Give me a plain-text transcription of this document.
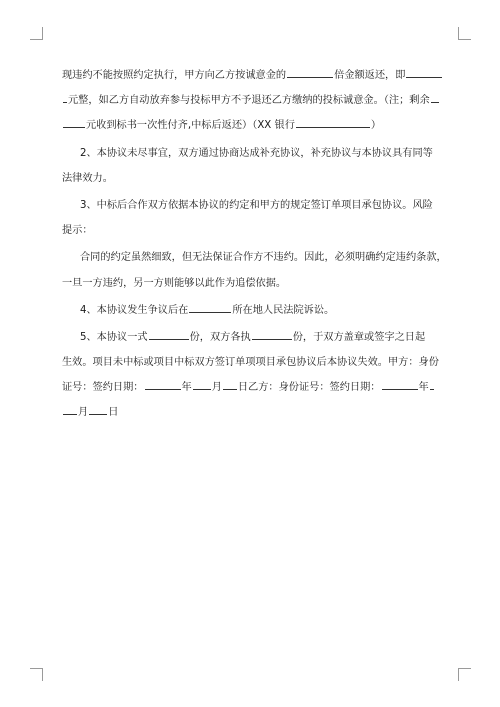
现违约不能按照约定执行，甲方向乙方按诚意金的	倍金额返还，即
元整，如乙方自动放弃参与投标甲方不予退还乙方缴纳的投标诚意金。（注；剩余
元收到标书一次性付齐,中标后返还）（XX 银行	）
2、本协议未尽事宜，双方通过协商达成补充协议，补充协议与本协议具有同等
法律效力。
3、中标后合作双方依据本协议的约定和甲方的规定签订单项目承包协议。风险
提示：
合同的约定虽然细致，但无法保证合作方不违约。因此，必须明确约定违约条款，
一旦一方违约，另一方则能够以此作为追偿依据。
4、本协议发生争议后在	所在地人民法院诉讼。
5、本协议一式	份，双方各执	份，于双方盖章或签字之日起
生效。项目未中标或项目中标双方签订单项项目承包协议后本协议失效。甲方：身份
证号：签约日期：	年 月 日乙方：身份证号：签约日期：	年
月 日
